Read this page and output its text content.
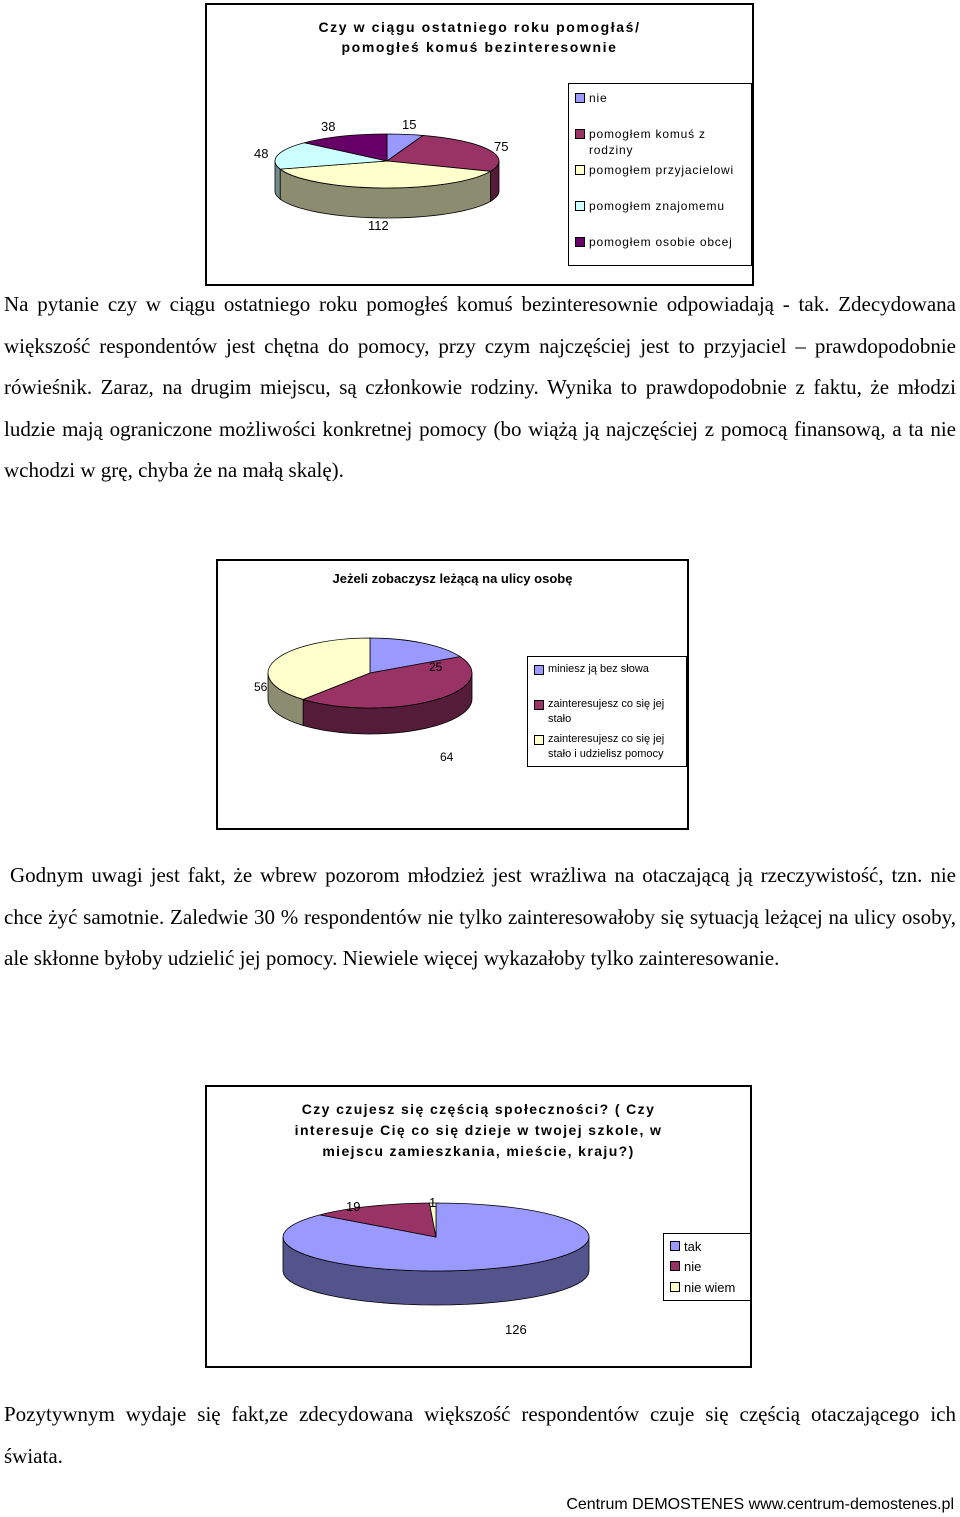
Czy w ciągu ostatniego roku pomogłaś/
pomogłeś komuś bezinteresownie
15
75
112
48
38
nie
pomogłem komuś z
rodziny
pomogłem przyjacielowi
pomogłem znajomemu
pomogłem osobie obcej

Na pytanie czy w ciągu ostatniego roku pomogłeś komuś bezinteresownie odpowiadają - tak. Zdecydowana większość respondentów jest chętna do pomocy, przy czym najczęściej jest to przyjaciel – prawdopodobnie rówieśnik. Zaraz, na drugim miejscu, są członkowie rodziny. Wynika to prawdopodobnie z faktu, że młodzi ludzie mają ograniczone możliwości konkretnej pomocy (bo wiążą ją najczęściej z pomocą finansową, a ta nie wchodzi w grę, chyba że na małą skalę).

Jeżeli zobaczysz leżącą na ulicy osobę
25
64
56
miniesz ją bez słowa
zainteresujesz co się jej
stało
zainteresujesz co się jej
stało i udzielisz pomocy

Godnym uwagi jest fakt, że wbrew pozorom młodzież jest wrażliwa na otaczającą ją rzeczywistość, tzn. nie chce żyć samotnie. Zaledwie 30 % respondentów nie tylko zainteresowałoby się sytuacją leżącej na ulicy osoby, ale skłonne byłoby udzielić jej pomocy. Niewiele więcej wykazałoby tylko zainteresowanie.

Czy czujesz się częścią społeczności? ( Czy
interesuje Cię co się dzieje w twojej szkole, w
miejscu zamieszkania, mieście, kraju?)
126
19	1
tak
nie
nie wiem

Pozytywnym wydaje się fakt,ze zdecydowana większość respondentów czuje się częścią otaczającego ich świata.

Centrum DEMOSTENES www.centrum-demostenes.pl
